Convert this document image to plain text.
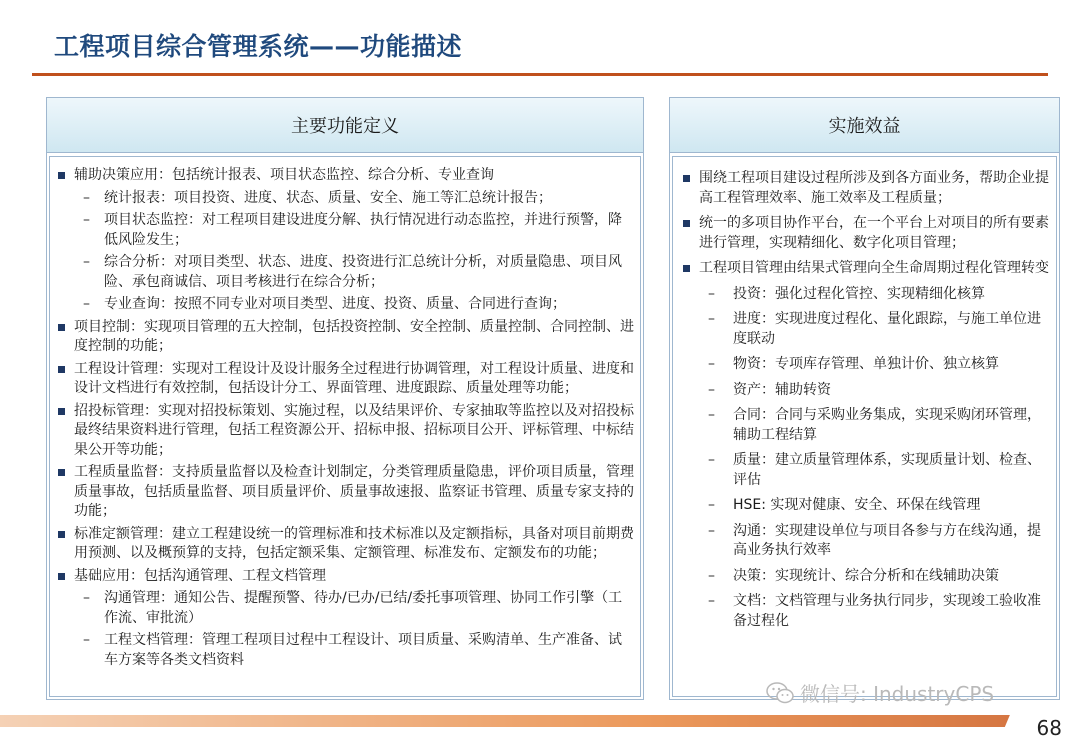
工程项目综合管理系统——功能描述
主要功能定义
辅助决策应用：包括统计报表、项目状态监控、综合分析、专业查询
– 统计报表：项目投资、进度、状态、质量、安全、施工等汇总统计报告；
– 项目状态监控：对工程项目建设进度分解、执行情况进行动态监控，并进行预警，降低风险发生；
– 综合分析：对项目类型、状态、进度、投资进行汇总统计分析，对质量隐患、项目风险、承包商诚信、项目考核进行在综合分析；
– 专业查询：按照不同专业对项目类型、进度、投资、质量、合同进行查询；
项目控制：实现项目管理的五大控制，包括投资控制、安全控制、质量控制、合同控制、进度控制的功能；
工程设计管理：实现对工程设计及设计服务全过程进行协调管理，对工程设计质量、进度和设计文档进行有效控制，包括设计分工、界面管理、进度跟踪、质量处理等功能；
招投标管理：实现对招投标策划、实施过程，以及结果评价、专家抽取等监控以及对招投标最终结果资料进行管理，包括工程资源公开、招标申报、招标项目公开、评标管理、中标结果公开等功能；
工程质量监督：支持质量监督以及检查计划制定，分类管理质量隐患，评价项目质量，管理质量事故，包括质量监督、项目质量评价、质量事故速报、监察证书管理、质量专家支持的功能；
标准定额管理：建立工程建设统一的管理标准和技术标准以及定额指标，具备对项目前期费用预测、以及概预算的支持，包括定额采集、定额管理、标准发布、定额发布的功能；
基础应用：包括沟通管理、工程文档管理
– 沟通管理：通知公告、提醒预警、待办/已办/已结/委托事项管理、协同工作引擎（工作流、审批流）
– 工程文档管理：管理工程项目过程中工程设计、项目质量、采购清单、生产准备、试车方案等各类文档资料
实施效益
围绕工程项目建设过程所涉及到各方面业务，帮助企业提高工程管理效率、施工效率及工程质量；
统一的多项目协作平台，在一个平台上对项目的所有要素进行管理，实现精细化、数字化项目管理；
工程项目管理由结果式管理向全生命周期过程化管理转变
– 投资：强化过程化管控、实现精细化核算
– 进度：实现进度过程化、量化跟踪，与施工单位进度联动
– 物资：专项库存管理、单独计价、独立核算
– 资产：辅助转资
– 合同：合同与采购业务集成，实现采购闭环管理，辅助工程结算
– 质量：建立质量管理体系，实现质量计划、检查、评估
– HSE: 实现对健康、安全、环保在线管理
– 沟通：实现建设单位与项目各参与方在线沟通，提高业务执行效率
– 决策：实现统计、综合分析和在线辅助决策
– 文档：文档管理与业务执行同步，实现竣工验收准备过程化
微信号: IndustryCPS
68
